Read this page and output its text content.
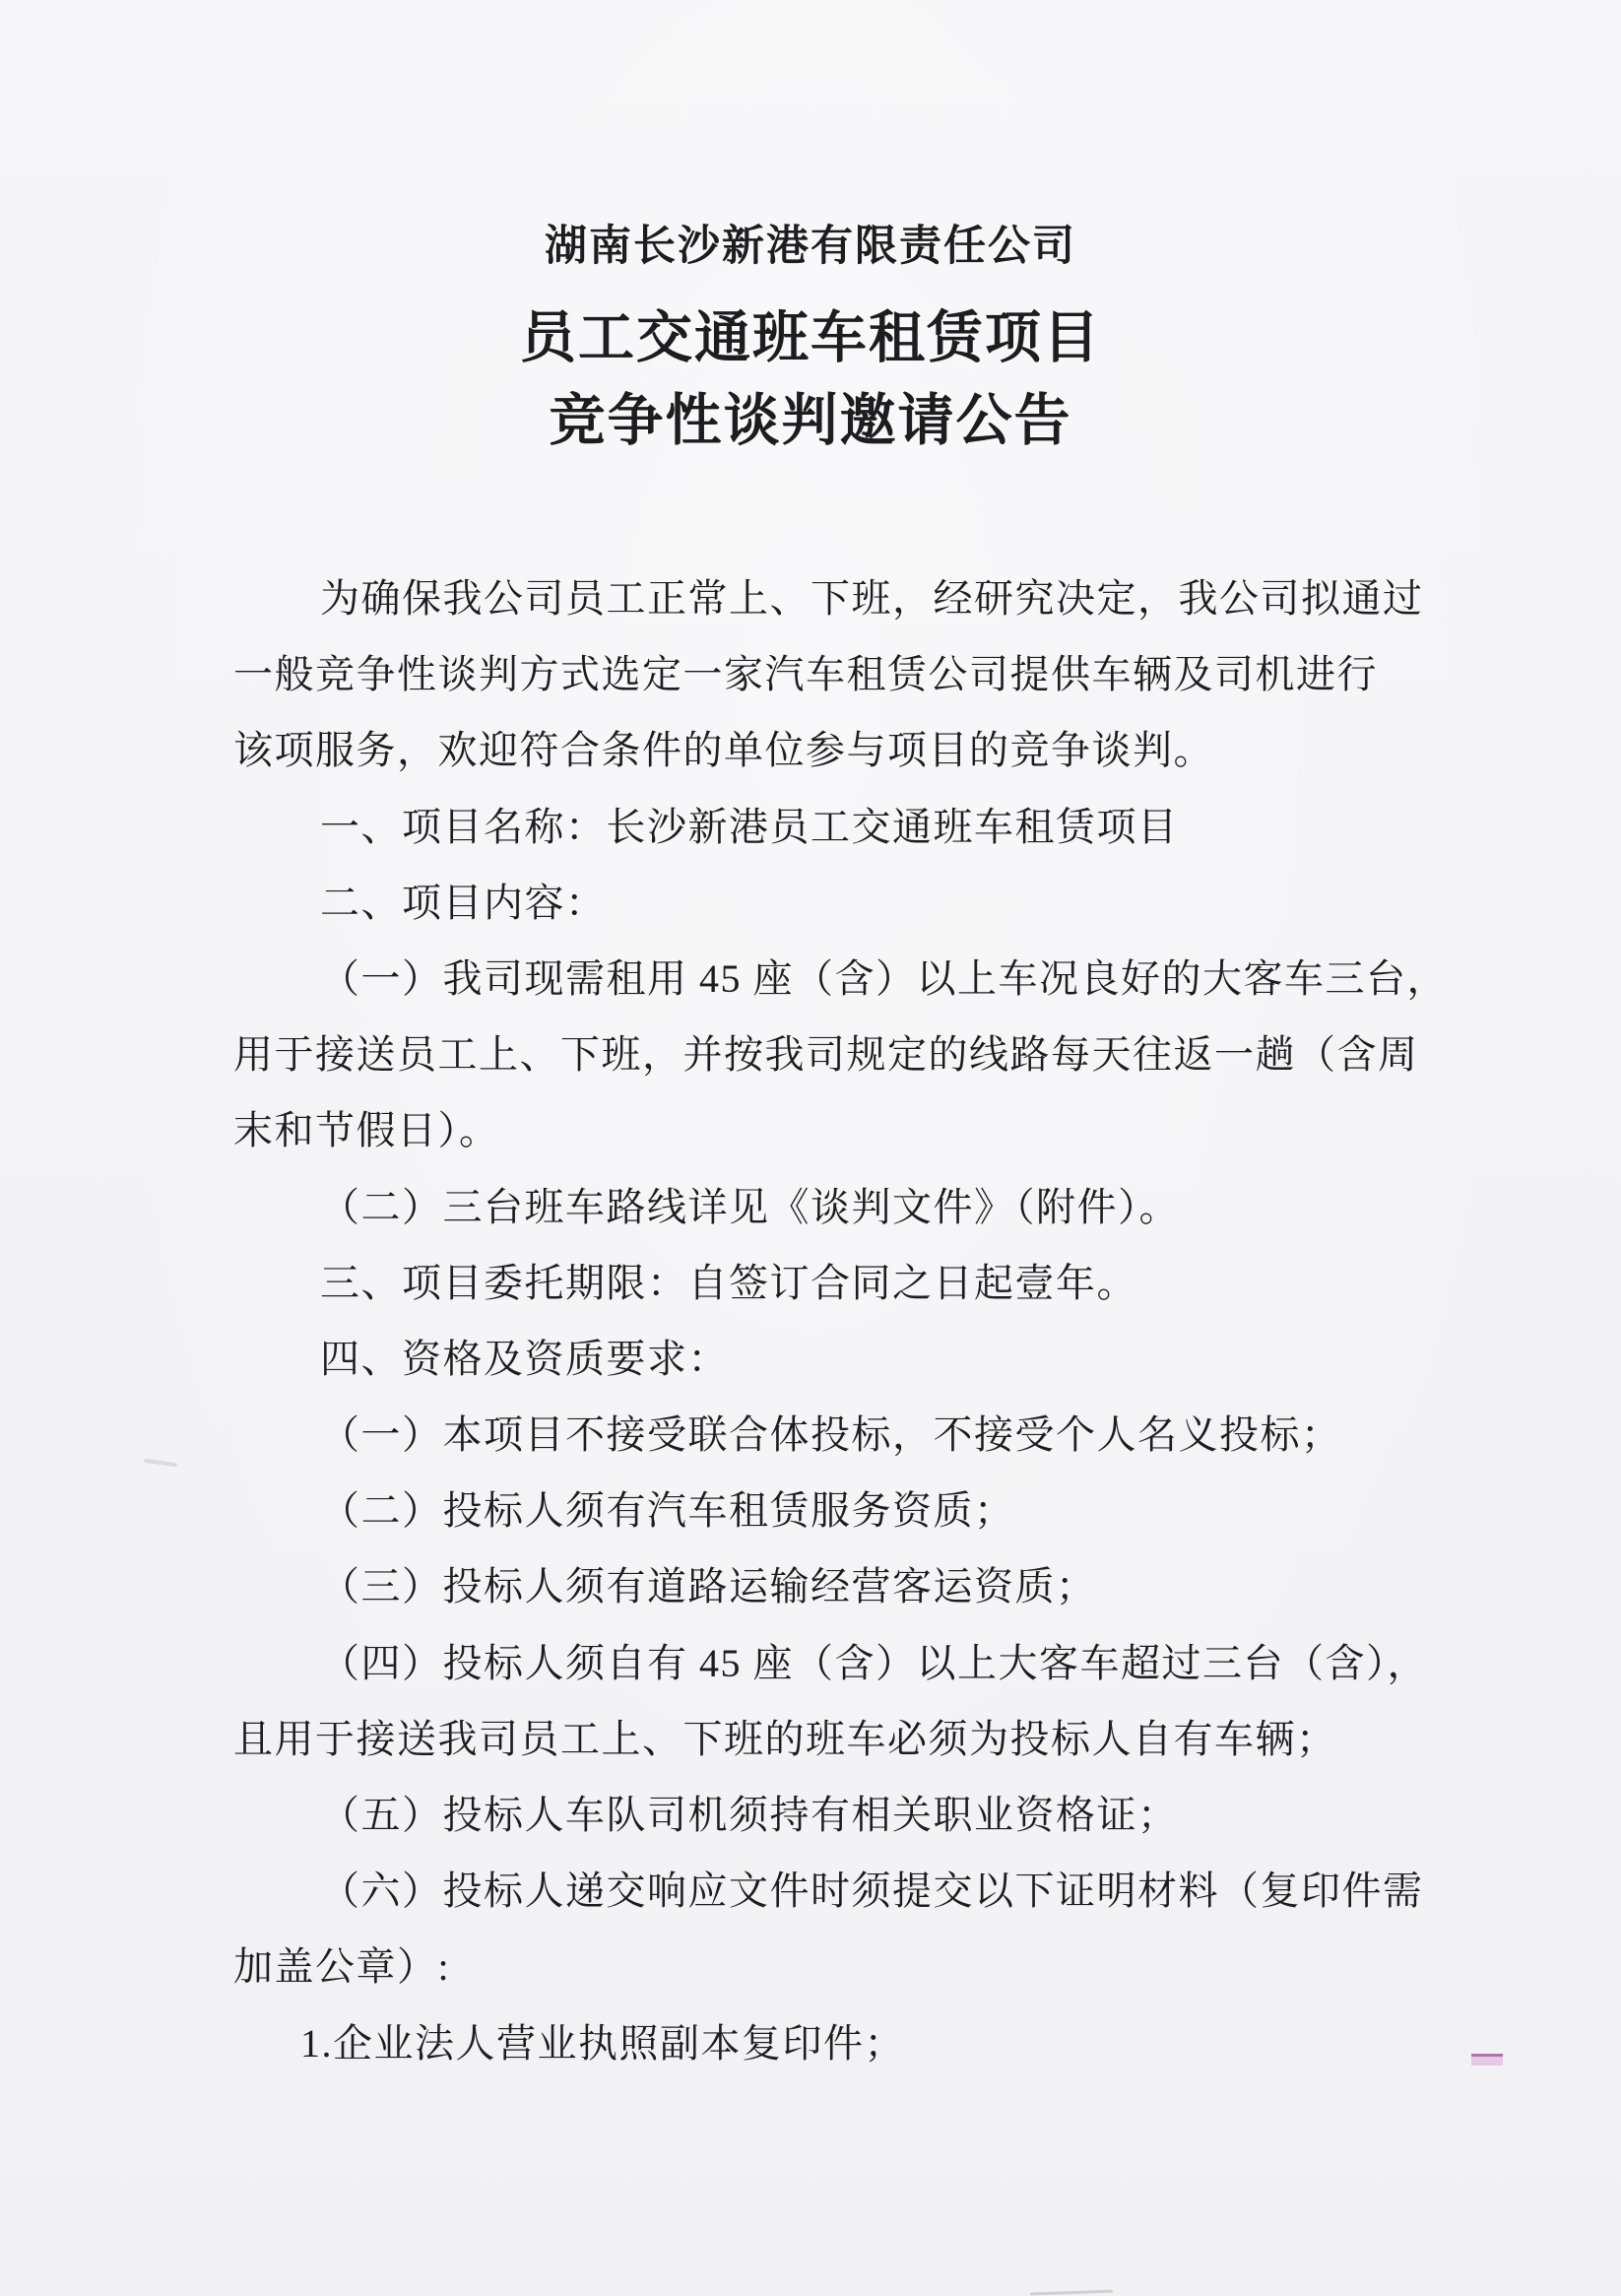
湖南长沙新港有限责任公司
员工交通班车租赁项目
竞争性谈判邀请公告
为确保我公司员工正常上、下班，经研究决定，我公司拟通过
一般竞争性谈判方式选定一家汽车租赁公司提供车辆及司机进行
该项服务，欢迎符合条件的单位参与项目的竞争谈判。
一、项目名称：长沙新港员工交通班车租赁项目
二、项目内容：
（一）我司现需租用 45 座（含）以上车况良好的大客车三台，
用于接送员工上、下班，并按我司规定的线路每天往返一趟（含周
末和节假日）。
（二）三台班车路线详见《谈判文件》（附件）。
三、项目委托期限：自签订合同之日起壹年。
四、资格及资质要求：
（一）本项目不接受联合体投标，不接受个人名义投标；
（二）投标人须有汽车租赁服务资质；
（三）投标人须有道路运输经营客运资质；
（四）投标人须自有 45 座（含）以上大客车超过三台（含），
且用于接送我司员工上、下班的班车必须为投标人自有车辆；
（五）投标人车队司机须持有相关职业资格证；
（六）投标人递交响应文件时须提交以下证明材料（复印件需
加盖公章）:
1.企业法人营业执照副本复印件；
